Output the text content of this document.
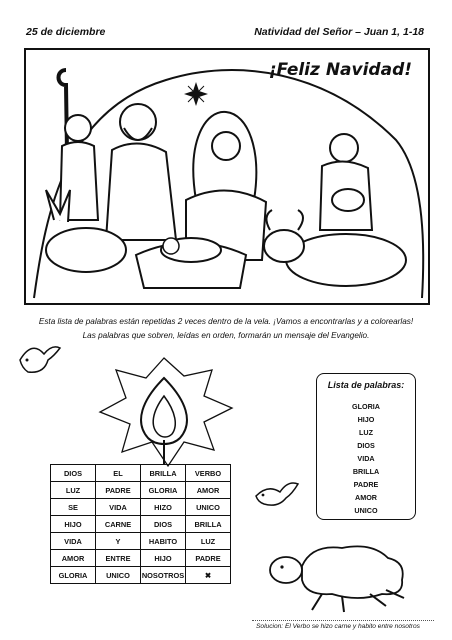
25 de diciembre	Natividad del Señor – Juan 1, 1-18
¡Feliz Navidad!
Esta lista de palabras están repetidas 2 veces dentro de la vela. ¡Vamos a encontrarlas y a colorearlas!
Las palabras que sobren, leídas en orden, formarán un mensaje del Evangelio.
DIOS	EL	BRILLA	VERBO
LUZ	PADRE	GLORIA	AMOR
SE	VIDA	HIZO	UNICO
HIJO	CARNE	DIOS	BRILLA
VIDA	Y	HABITO	LUZ
AMOR	ENTRE	HIJO	PADRE
GLORIA	UNICO	NOSOTROS	✖
Lista de palabras:
GLORIA
HIJO
LUZ
DIOS
VIDA
BRILLA
PADRE
AMOR
UNICO
Solucion: El Verbo se hizo carne y habito entre nosotros
